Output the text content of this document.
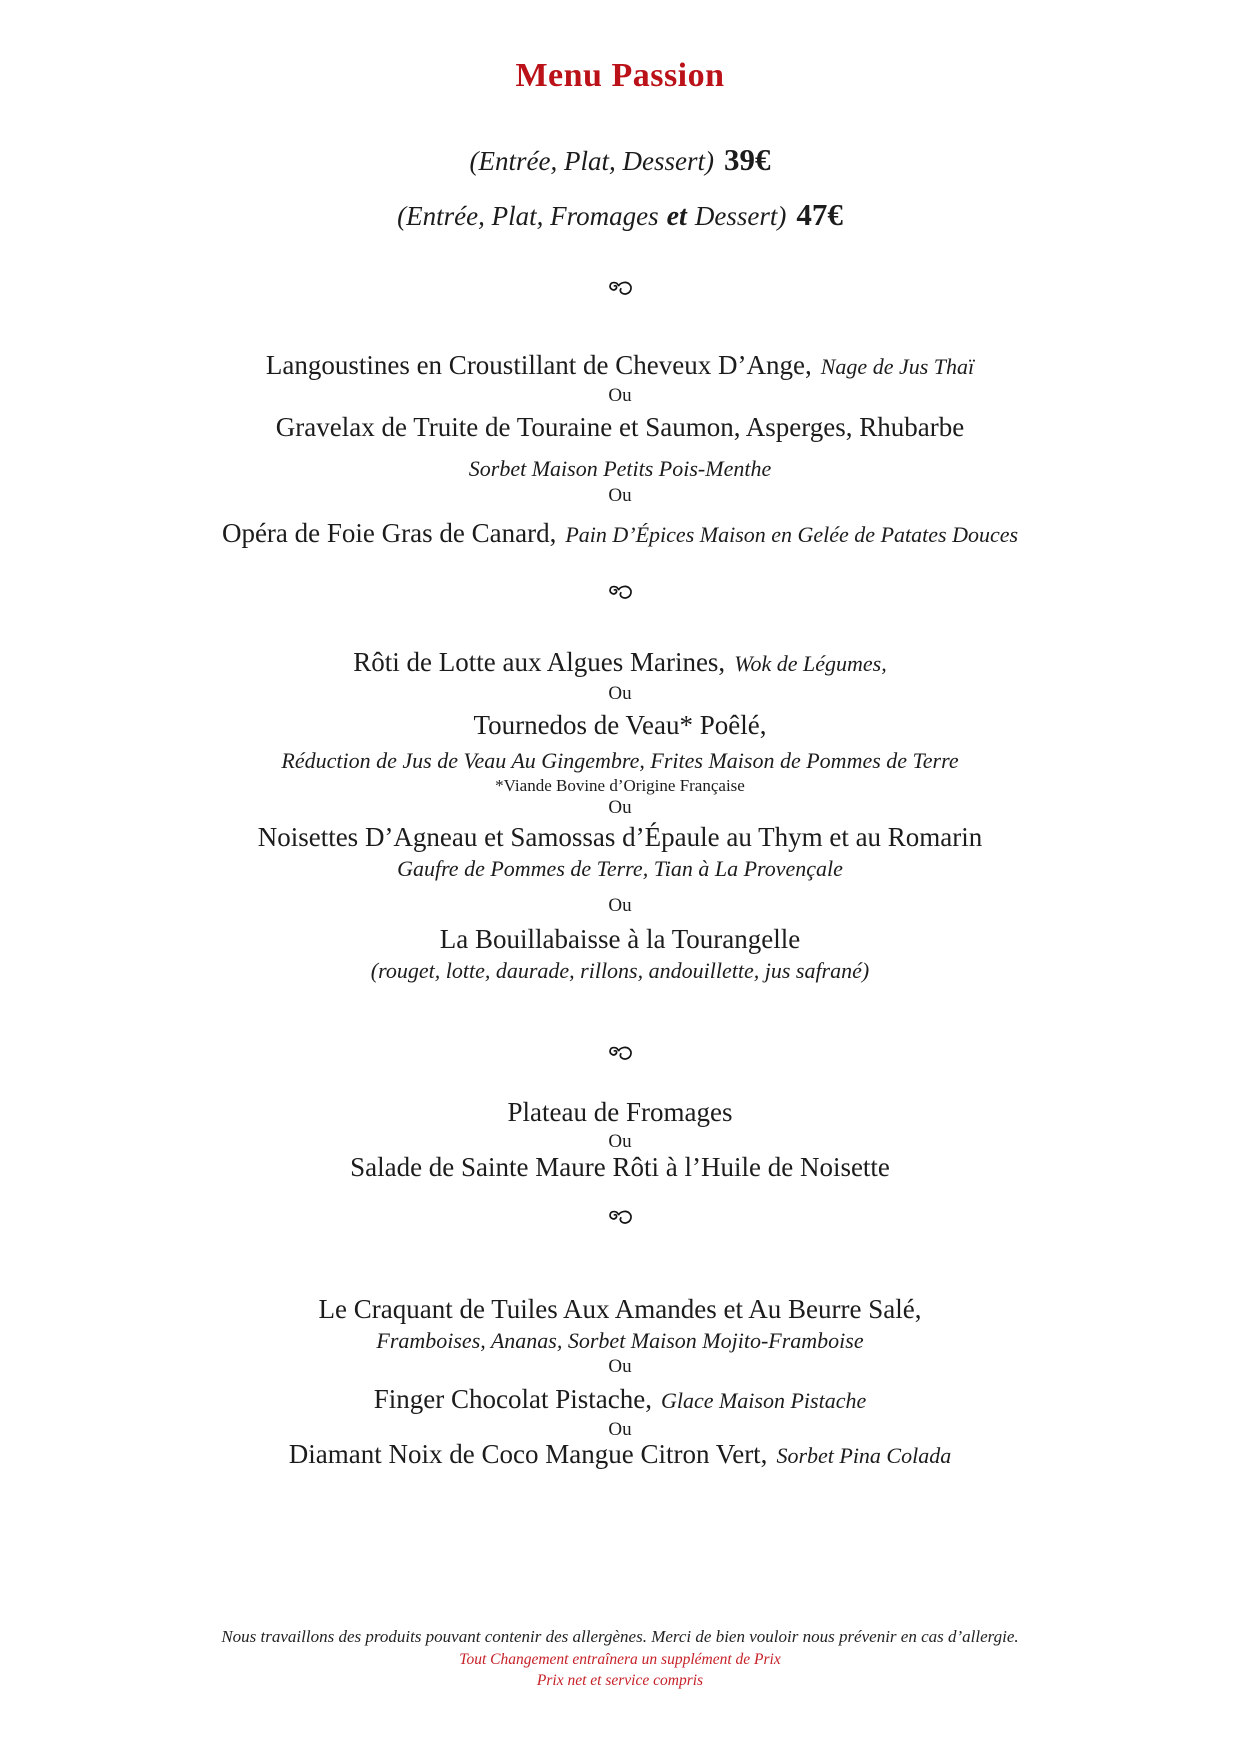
Menu Passion
(Entrée, Plat, Dessert) 39€
(Entrée, Plat, Fromages et Dessert) 47€
Langoustines en Croustillant de Cheveux D’Ange, Nage de Jus Thaï
Ou
Gravelax de Truite de Touraine et Saumon, Asperges, Rhubarbe
Sorbet Maison Petits Pois-Menthe
Ou
Opéra de Foie Gras de Canard, Pain D’Épices Maison en Gelée de Patates Douces
Rôti de Lotte aux Algues Marines, Wok de Légumes,
Ou
Tournedos de Veau* Poêlé,
Réduction de Jus de Veau Au Gingembre, Frites Maison de Pommes de Terre
*Viande Bovine d’Origine Française
Ou
Noisettes D’Agneau et Samossas d’Épaule au Thym et au Romarin
Gaufre de Pommes de Terre, Tian à La Provençale
Ou
La Bouillabaisse à la Tourangelle
(rouget, lotte, daurade, rillons, andouillette, jus safrané)
Plateau de Fromages
Ou
Salade de Sainte Maure Rôti à l’Huile de Noisette
Le Craquant de Tuiles Aux Amandes et Au Beurre Salé,
Framboises, Ananas, Sorbet Maison Mojito-Framboise
Ou
Finger Chocolat Pistache, Glace Maison Pistache
Ou
Diamant Noix de Coco Mangue Citron Vert, Sorbet Pina Colada
Nous travaillons des produits pouvant contenir des allergènes. Merci de bien vouloir nous prévenir en cas d’allergie.
Tout Changement entraînera un supplément de Prix
Prix net et service compris
